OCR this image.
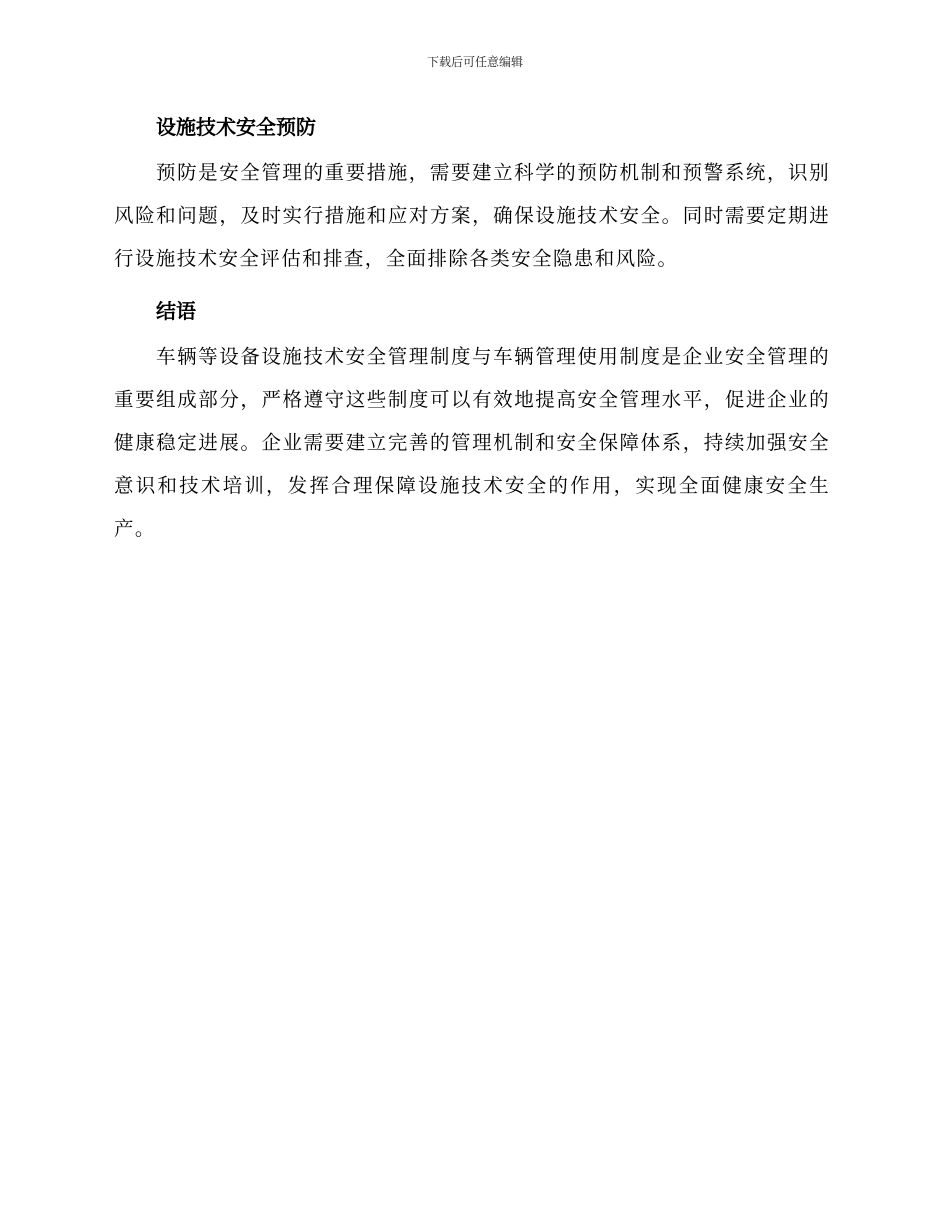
下载后可任意编辑
设施技术安全预防

预防是安全管理的重要措施，需要建立科学的预防机制和预警系统，识别风险和问题，及时实行措施和应对方案，确保设施技术安全。同时需要定期进行设施技术安全评估和排查，全面排除各类安全隐患和风险。

结语

车辆等设备设施技术安全管理制度与车辆管理使用制度是企业安全管理的重要组成部分，严格遵守这些制度可以有效地提高安全管理水平，促进企业的健康稳定进展。企业需要建立完善的管理机制和安全保障体系，持续加强安全意识和技术培训，发挥合理保障设施技术安全的作用，实现全面健康安全生产。
